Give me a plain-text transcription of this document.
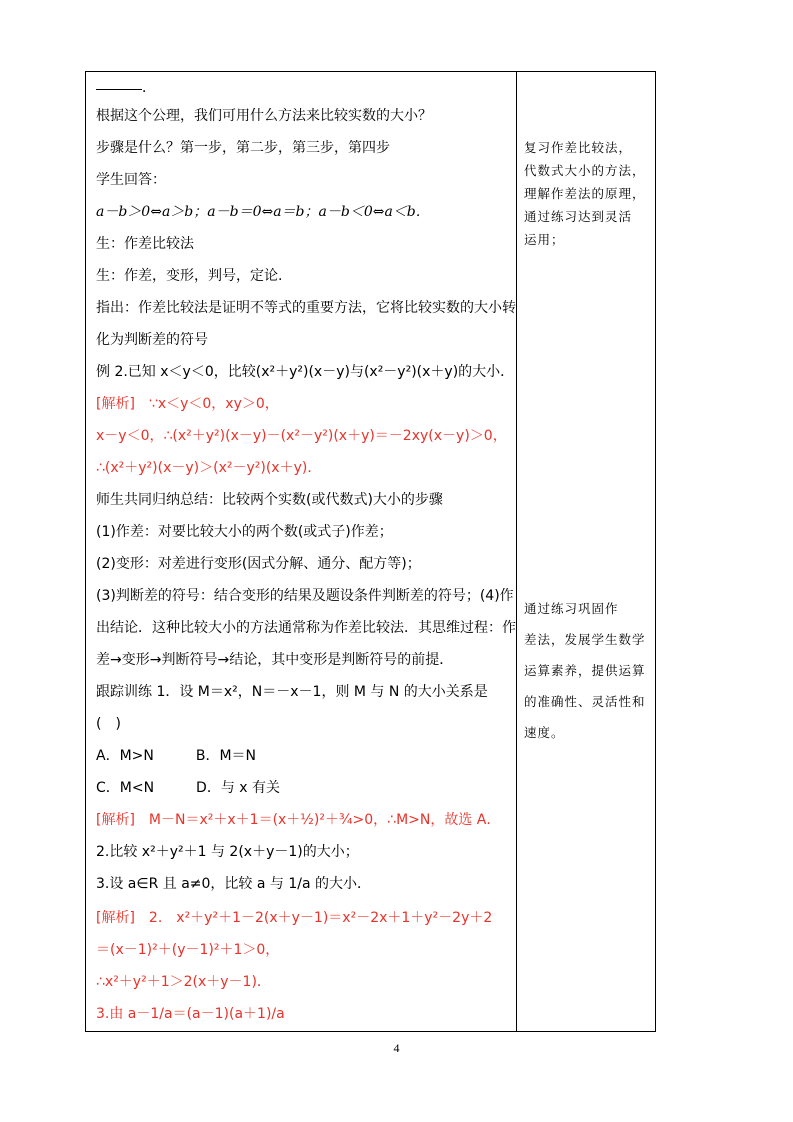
．
根据这个公理，我们可用什么方法来比较实数的大小？
步骤是什么？第一步，第二步，第三步，第四步
学生回答：
a－b＞0⇔a＞b；a－b＝0⇔a＝b；a－b＜0⇔a＜b．
生：作差比较法
生：作差，变形，判号，定论.
指出：作差比较法是证明不等式的重要方法，它将比较实数的大小转
化为判断差的符号
例 2.已知 x＜y＜0，比较(x²＋y²)(x－y)与(x²－y²)(x＋y)的大小．
[解析]　∵x＜y＜0，xy＞0，
x－y＜0，∴(x²＋y²)(x－y)－(x²－y²)(x＋y)＝－2xy(x－y)＞0，
∴(x²＋y²)(x－y)＞(x²－y²)(x＋y)．
师生共同归纳总结：比较两个实数(或代数式)大小的步骤
(1)作差：对要比较大小的两个数(或式子)作差；
(2)变形：对差进行变形(因式分解、通分、配方等)；
(3)判断差的符号：结合变形的结果及题设条件判断差的符号；(4)作
出结论．这种比较大小的方法通常称为作差比较法．其思维过程：作
差→变形→判断符号→结论，其中变形是判断符号的前提．
跟踪训练 1．设 M＝x²，N＝－x－1，则 M 与 N 的大小关系是
(　)
A．M>N　　　B．M＝N
C．M<N　　　D．与 x 有关
[解析]　M－N＝x²＋x＋1＝(x＋½)²＋¾>0，∴M>N，故选 A．
2.比较 x²＋y²＋1 与 2(x＋y－1)的大小；
3.设 a∈R 且 a≠0，比较 a 与 1/a 的大小．
[解析]　2.　x²＋y²＋1－2(x＋y－1)＝x²－2x＋1＋y²－2y＋2
＝(x－1)²＋(y－1)²＋1＞0，
∴x²＋y²＋1＞2(x＋y－1)．
3.由 a－1/a＝(a－1)(a＋1)/a
复习作差比较法，
代数式大小的方法，
理解作差法的原理，
通过练习达到灵活
运用；
通过练习巩固作
差法，发展学生数学
运算素养，提供运算
的准确性、灵活性和
速度。
4
